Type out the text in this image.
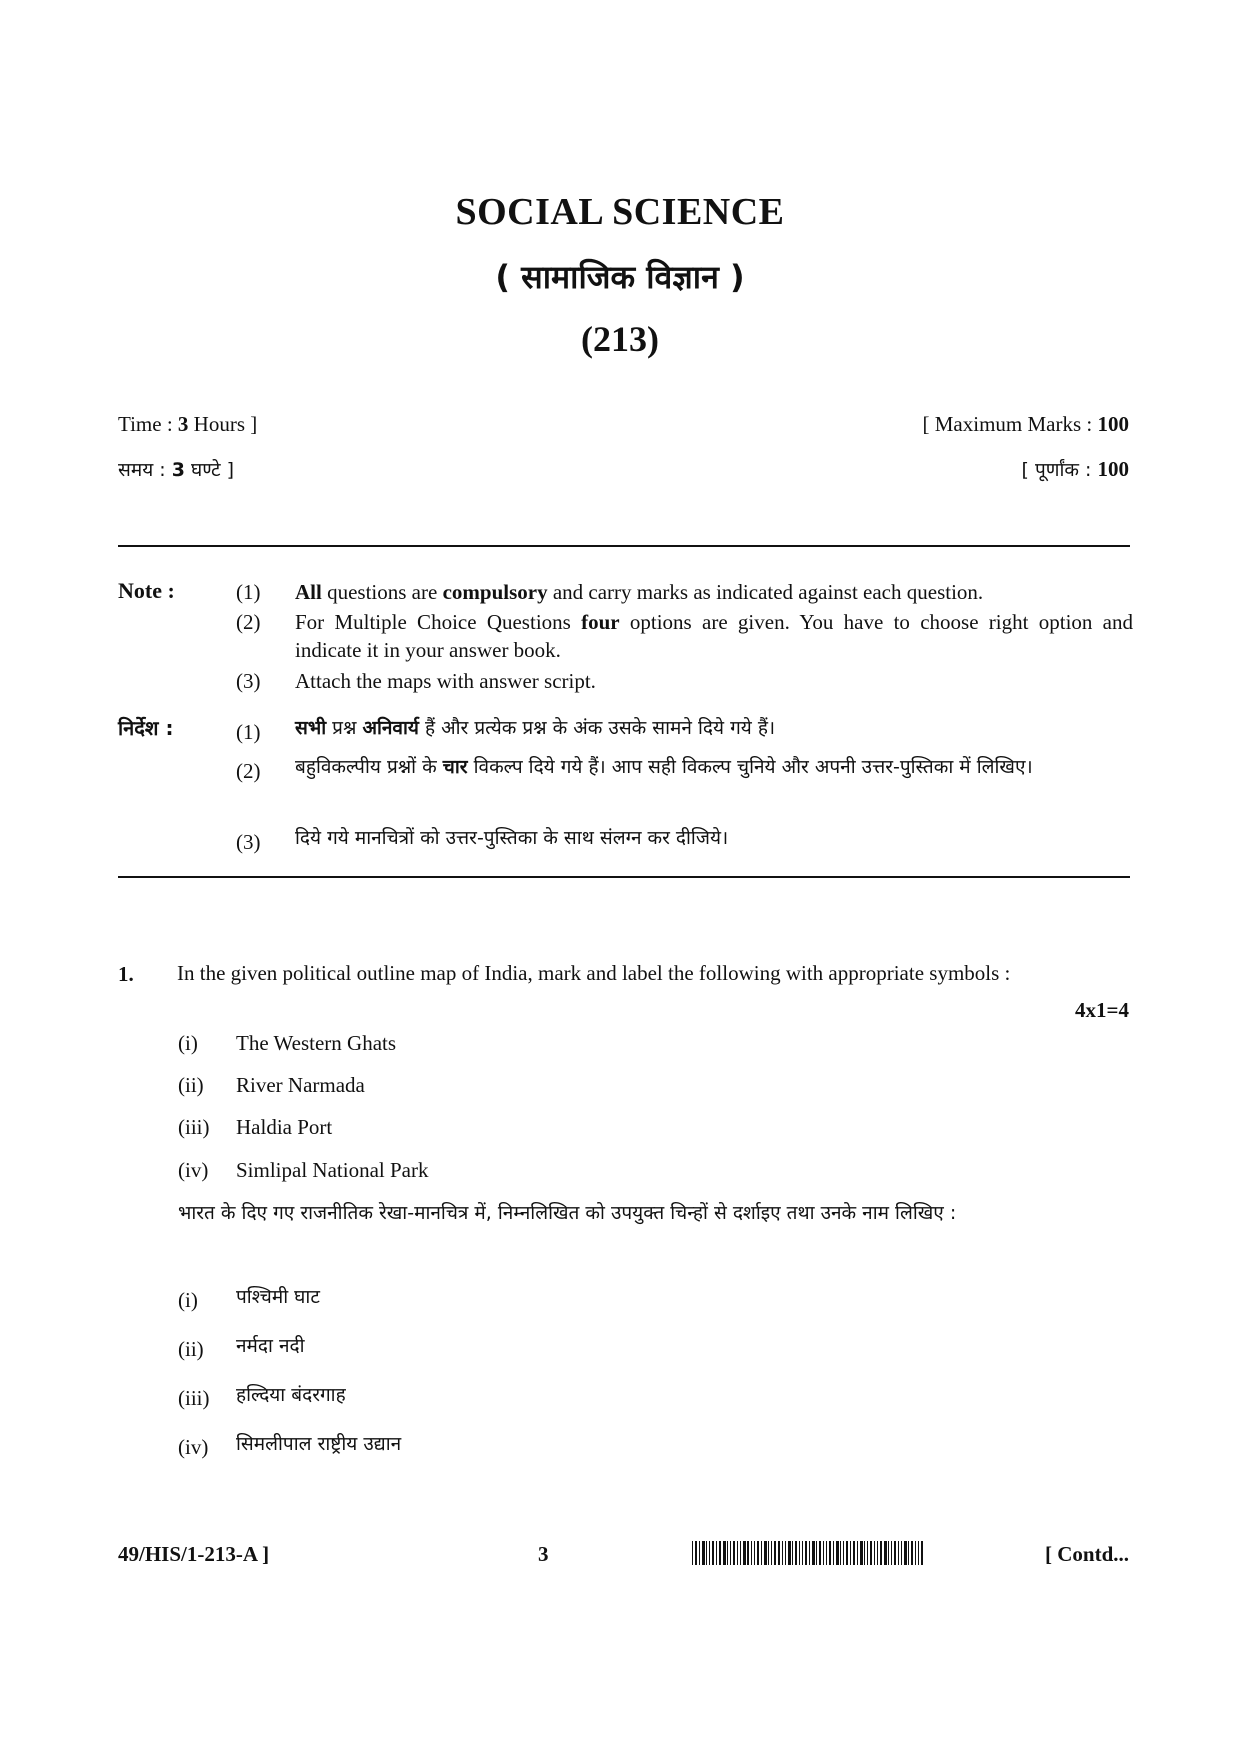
SOCIAL SCIENCE
( सामाजिक विज्ञान )
(213)
Time : 3 Hours ]	[ Maximum Marks : 100
समय : 3 घण्टे ]	[ पूर्णांक : 100
Note :	(1) All questions are compulsory and carry marks as indicated against each question.
(2) For Multiple Choice Questions four options are given. You have to choose right option and indicate it in your answer book.
(3) Attach the maps with answer script.
निर्देश :	(1) सभी प्रश्न अनिवार्य हैं और प्रत्येक प्रश्न के अंक उसके सामने दिये गये हैं।
(2) बहुविकल्पीय प्रश्नों के चार विकल्प दिये गये हैं। आप सही विकल्प चुनिये और अपनी उत्तर-पुस्तिका में लिखिए।
(3) दिये गये मानचित्रों को उत्तर-पुस्तिका के साथ संलग्न कर दीजिये।
1. In the given political outline map of India, mark and label the following with appropriate symbols :
4x1=4
(i) The Western Ghats
(ii) River Narmada
(iii) Haldia Port
(iv) Simlipal National Park
भारत के दिए गए राजनीतिक रेखा-मानचित्र में, निम्नलिखित को उपयुक्त चिन्हों से दर्शाइए तथा उनके नाम लिखिए :
(i) पश्चिमी घाट
(ii) नर्मदा नदी
(iii) हल्दिया बंदरगाह
(iv) सिमलीपाल राष्ट्रीय उद्यान
49/HIS/1-213-A ]	3	[ Contd...
